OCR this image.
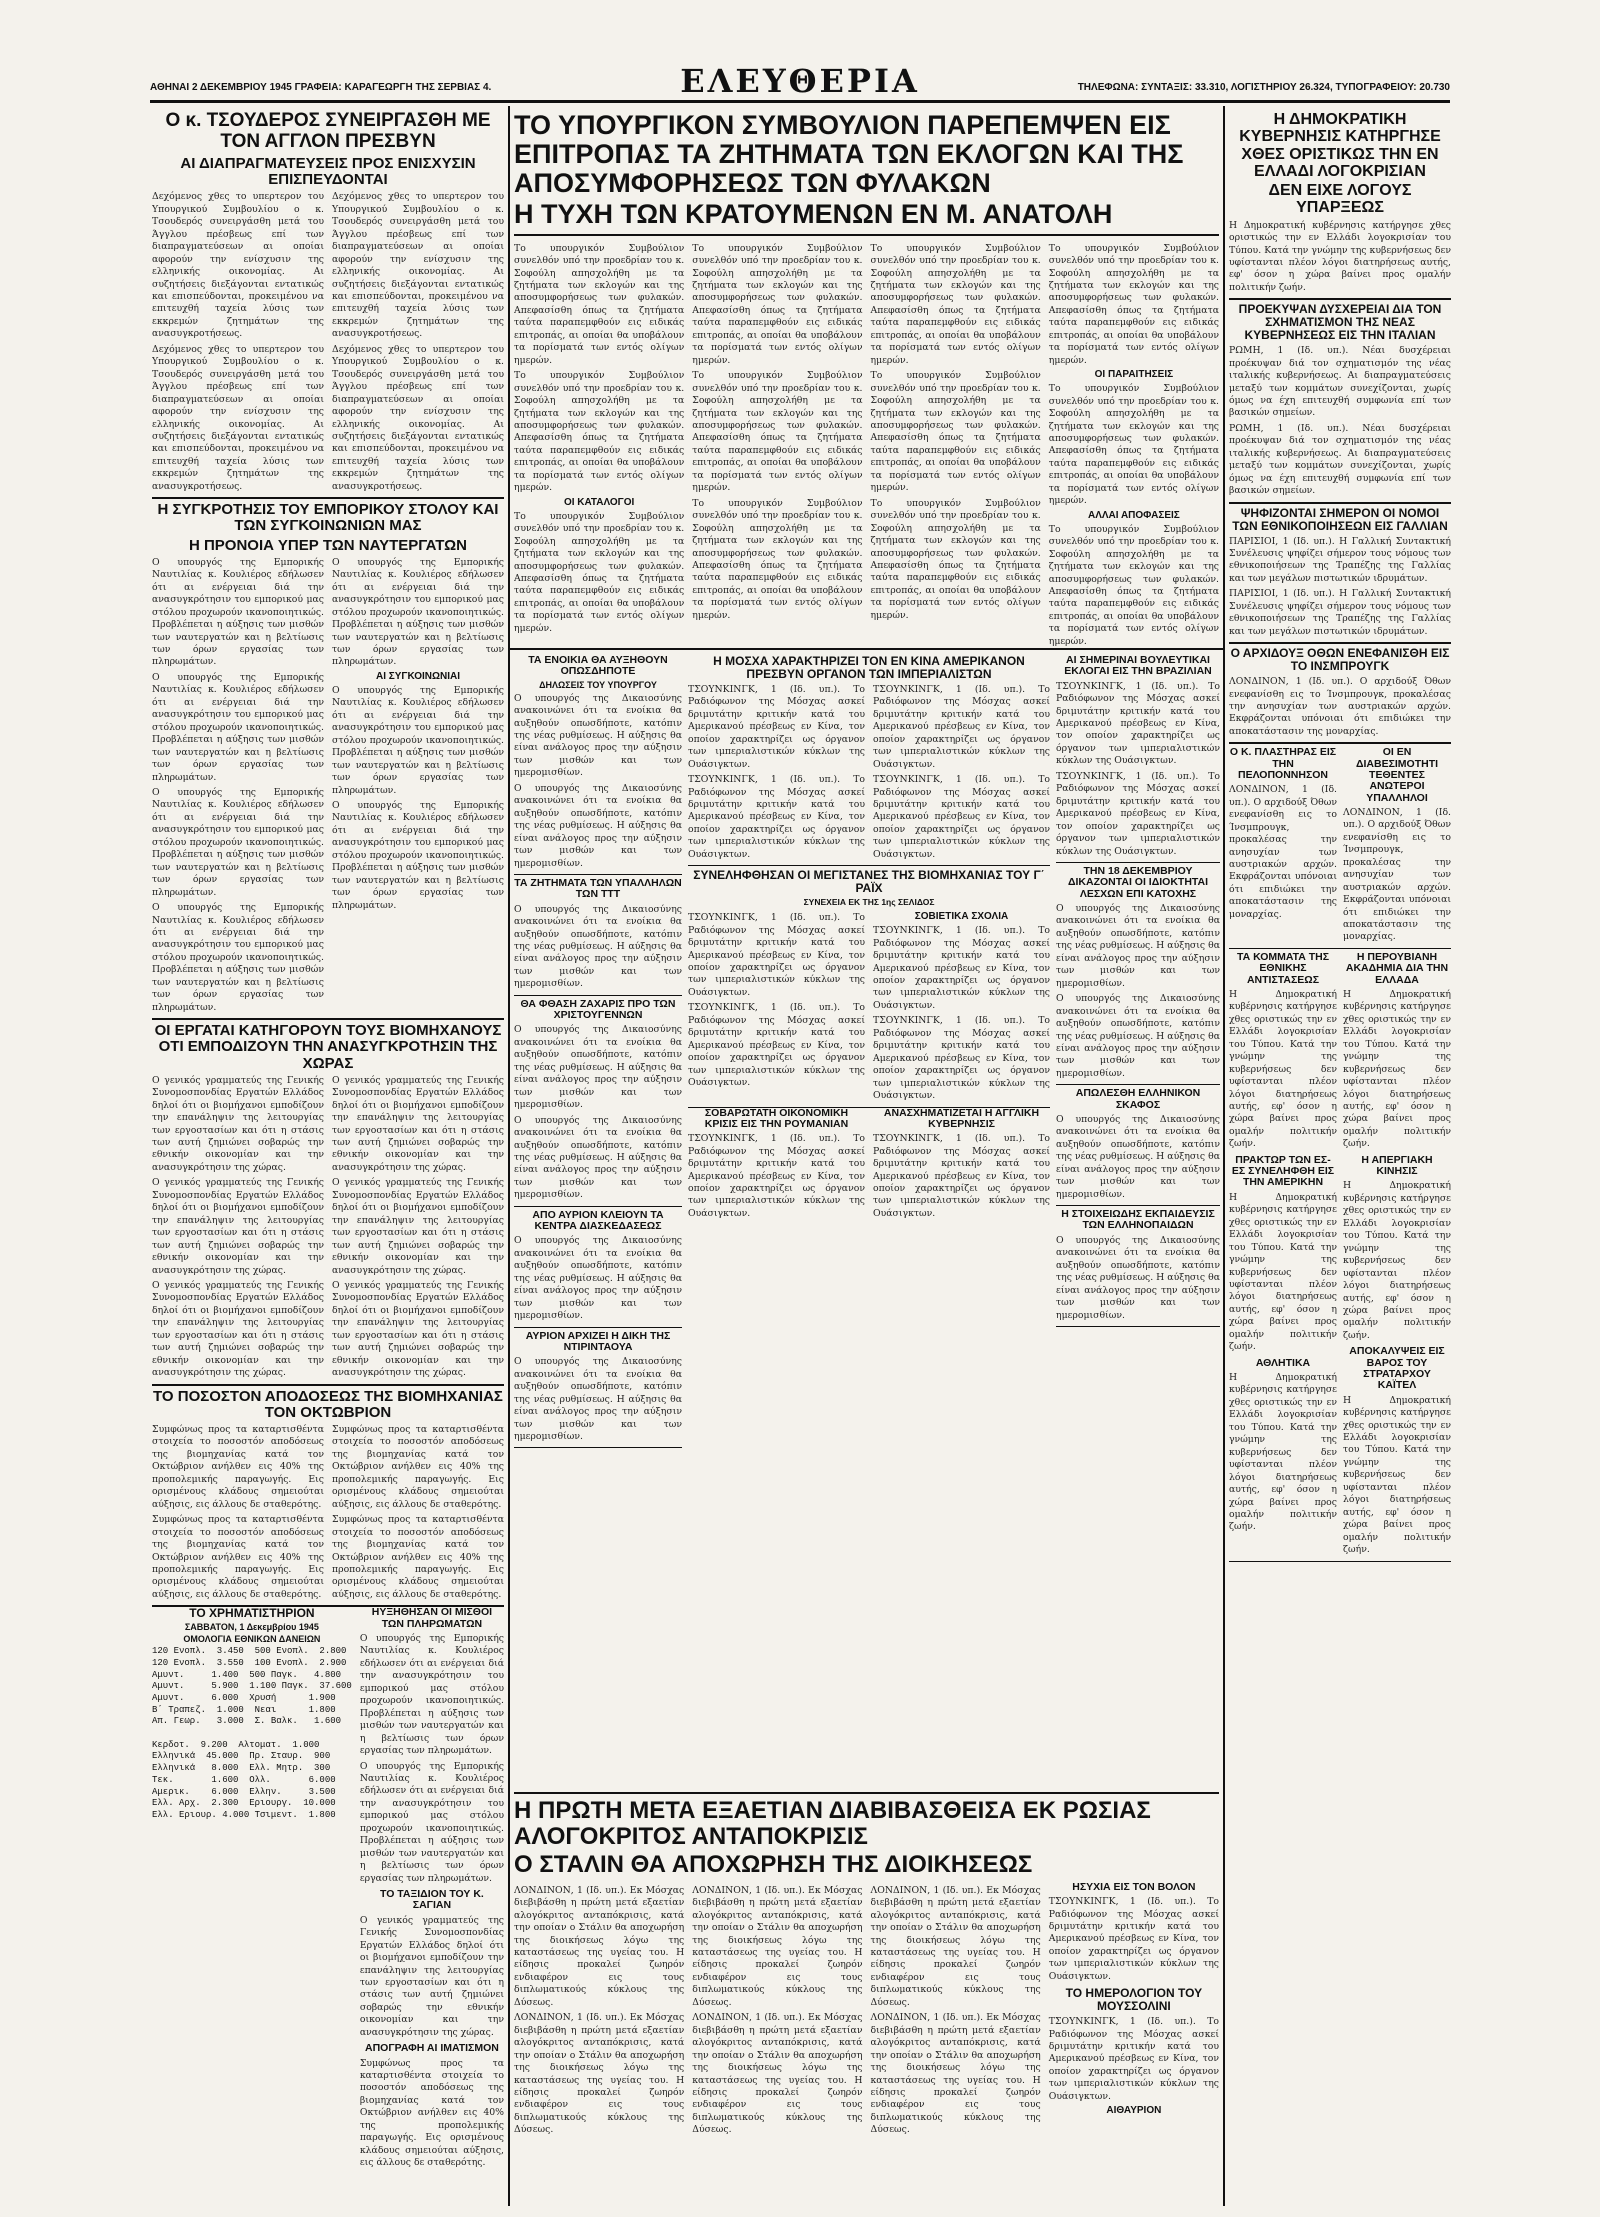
ΑΘΗΝΑΙ 2 ΔΕΚΕΜΒΡΙΟΥ 1945 ΓΡΑΦΕΙΑ: ΚΑΡΑΓΕΩΡΓΗ ΤΗΣ ΣΕΡΒΙΑΣ 4.	ΕΛΕΥΘΕΡΙΑ	ΤΗΛΕΦΩΝΑ: ΣΥΝΤΑΞΙΣ: 33.310, ΛΟΓΙΣΤΗΡΙΟΥ 26.324, ΤΥΠΟΓΡΑΦΕΙΟΥ: 20.730
Ο κ. ΤΣΟΥΔΕΡΟΣ ΣΥΝΕΙΡΓΑΣΘΗ ΜΕ ΤΟΝ ΑΓΓΛΟΝ ΠΡΕΣΒΥΝ
ΑΙ ΔΙΑΠΡΑΓΜΑΤΕΥΣΕΙΣ ΠΡΟΣ ΕΝΙΣΧΥΣΙΝ ΕΠΙΣΠΕΥΔΟΝΤΑΙ
Δεχόμενος χθες το υπερτερον του Υπουργικού Συμβουλίου ο κ. Τσουδερός συνειργάσθη μετά του Άγγλου πρέσβεως επί των διαπραγματεύσεων αι οποίαι αφορούν την ενίσχυσιν της ελληνικής οικονομίας. Αι συζητήσεις διεξάγονται εντατικώς και επισπεύδονται, προκειμένου να επιτευχθή ταχεία λύσις των εκκρεμών ζητημάτων της ανασυγκροτήσεως.
Δεχόμενος χθες το υπερτερον του Υπουργικού Συμβουλίου ο κ. Τσουδερός συνειργάσθη μετά του Άγγλου πρέσβεως επί των διαπραγματεύσεων αι οποίαι αφορούν την ενίσχυσιν της ελληνικής οικονομίας. Αι συζητήσεις διεξάγονται εντατικώς και επισπεύδονται, προκειμένου να επιτευχθή ταχεία λύσις των εκκρεμών ζητημάτων της ανασυγκροτήσεως.
Δεχόμενος χθες το υπερτερον του Υπουργικού Συμβουλίου ο κ. Τσουδερός συνειργάσθη μετά του Άγγλου πρέσβεως επί των διαπραγματεύσεων αι οποίαι αφορούν την ενίσχυσιν της ελληνικής οικονομίας. Αι συζητήσεις διεξάγονται εντατικώς και επισπεύδονται, προκειμένου να επιτευχθή ταχεία λύσις των εκκρεμών ζητημάτων της ανασυγκροτήσεως.
Δεχόμενος χθες το υπερτερον του Υπουργικού Συμβουλίου ο κ. Τσουδερός συνειργάσθη μετά του Άγγλου πρέσβεως επί των διαπραγματεύσεων αι οποίαι αφορούν την ενίσχυσιν της ελληνικής οικονομίας. Αι συζητήσεις διεξάγονται εντατικώς και επισπεύδονται, προκειμένου να επιτευχθή ταχεία λύσις των εκκρεμών ζητημάτων της ανασυγκροτήσεως.
Η ΣΥΓΚΡΟΤΗΣΙΣ ΤΟΥ ΕΜΠΟΡΙΚΟΥ ΣΤΟΛΟΥ ΚΑΙ ΤΩΝ ΣΥΓΚΟΙΝΩΝΙΩΝ ΜΑΣ
Η ΠΡΟΝΟΙΑ ΥΠΕΡ ΤΩΝ ΝΑΥΤΕΡΓΑΤΩΝ
Ο υπουργός της Εμπορικής Ναυτιλίας κ. Κουλιέρος εδήλωσεν ότι αι ενέργειαι διά την ανασυγκρότησιν του εμπορικού μας στόλου προχωρούν ικανοποιητικώς. Προβλέπεται η αύξησις των μισθών των ναυτεργατών και η βελτίωσις των όρων εργασίας των πληρωμάτων.
Ο υπουργός της Εμπορικής Ναυτιλίας κ. Κουλιέρος εδήλωσεν ότι αι ενέργειαι διά την ανασυγκρότησιν του εμπορικού μας στόλου προχωρούν ικανοποιητικώς. Προβλέπεται η αύξησις των μισθών των ναυτεργατών και η βελτίωσις των όρων εργασίας των πληρωμάτων.
Ο υπουργός της Εμπορικής Ναυτιλίας κ. Κουλιέρος εδήλωσεν ότι αι ενέργειαι διά την ανασυγκρότησιν του εμπορικού μας στόλου προχωρούν ικανοποιητικώς. Προβλέπεται η αύξησις των μισθών των ναυτεργατών και η βελτίωσις των όρων εργασίας των πληρωμάτων.
Ο υπουργός της Εμπορικής Ναυτιλίας κ. Κουλιέρος εδήλωσεν ότι αι ενέργειαι διά την ανασυγκρότησιν του εμπορικού μας στόλου προχωρούν ικανοποιητικώς. Προβλέπεται η αύξησις των μισθών των ναυτεργατών και η βελτίωσις των όρων εργασίας των πληρωμάτων.
Ο υπουργός της Εμπορικής Ναυτιλίας κ. Κουλιέρος εδήλωσεν ότι αι ενέργειαι διά την ανασυγκρότησιν του εμπορικού μας στόλου προχωρούν ικανοποιητικώς. Προβλέπεται η αύξησις των μισθών των ναυτεργατών και η βελτίωσις των όρων εργασίας των πληρωμάτων.
ΑΙ ΣΥΓΚΟΙΝΩΝΙΑΙ
Ο υπουργός της Εμπορικής Ναυτιλίας κ. Κουλιέρος εδήλωσεν ότι αι ενέργειαι διά την ανασυγκρότησιν του εμπορικού μας στόλου προχωρούν ικανοποιητικώς. Προβλέπεται η αύξησις των μισθών των ναυτεργατών και η βελτίωσις των όρων εργασίας των πληρωμάτων.
Ο υπουργός της Εμπορικής Ναυτιλίας κ. Κουλιέρος εδήλωσεν ότι αι ενέργειαι διά την ανασυγκρότησιν του εμπορικού μας στόλου προχωρούν ικανοποιητικώς. Προβλέπεται η αύξησις των μισθών των ναυτεργατών και η βελτίωσις των όρων εργασίας των πληρωμάτων.
ΟΙ ΕΡΓΑΤΑΙ ΚΑΤΗΓΟΡΟΥΝ ΤΟΥΣ ΒΙΟΜΗΧΑΝΟΥΣ ΟΤΙ ΕΜΠΟΔΙΖΟΥΝ ΤΗΝ ΑΝΑΣΥΓΚΡΟΤΗΣΙΝ ΤΗΣ ΧΩΡΑΣ
Ο γενικός γραμματεύς της Γενικής Συνομοσπονδίας Εργατών Ελλάδος δηλοί ότι οι βιομήχανοι εμποδίζουν την επανάληψιν της λειτουργίας των εργοστασίων και ότι η στάσις των αυτή ζημιώνει σοβαρώς την εθνικήν οικονομίαν και την ανασυγκρότησιν της χώρας.
Ο γενικός γραμματεύς της Γενικής Συνομοσπονδίας Εργατών Ελλάδος δηλοί ότι οι βιομήχανοι εμποδίζουν την επανάληψιν της λειτουργίας των εργοστασίων και ότι η στάσις των αυτή ζημιώνει σοβαρώς την εθνικήν οικονομίαν και την ανασυγκρότησιν της χώρας.
Ο γενικός γραμματεύς της Γενικής Συνομοσπονδίας Εργατών Ελλάδος δηλοί ότι οι βιομήχανοι εμποδίζουν την επανάληψιν της λειτουργίας των εργοστασίων και ότι η στάσις των αυτή ζημιώνει σοβαρώς την εθνικήν οικονομίαν και την ανασυγκρότησιν της χώρας.
Ο γενικός γραμματεύς της Γενικής Συνομοσπονδίας Εργατών Ελλάδος δηλοί ότι οι βιομήχανοι εμποδίζουν την επανάληψιν της λειτουργίας των εργοστασίων και ότι η στάσις των αυτή ζημιώνει σοβαρώς την εθνικήν οικονομίαν και την ανασυγκρότησιν της χώρας.
Ο γενικός γραμματεύς της Γενικής Συνομοσπονδίας Εργατών Ελλάδος δηλοί ότι οι βιομήχανοι εμποδίζουν την επανάληψιν της λειτουργίας των εργοστασίων και ότι η στάσις των αυτή ζημιώνει σοβαρώς την εθνικήν οικονομίαν και την ανασυγκρότησιν της χώρας.
Ο γενικός γραμματεύς της Γενικής Συνομοσπονδίας Εργατών Ελλάδος δηλοί ότι οι βιομήχανοι εμποδίζουν την επανάληψιν της λειτουργίας των εργοστασίων και ότι η στάσις των αυτή ζημιώνει σοβαρώς την εθνικήν οικονομίαν και την ανασυγκρότησιν της χώρας.
ΤΟ ΠΟΣΟΣΤΟΝ ΑΠΟΔΟΣΕΩΣ ΤΗΣ ΒΙΟΜΗΧΑΝΙΑΣ ΤΟΝ ΟΚΤΩΒΡΙΟΝ
Συμφώνως προς τα καταρτισθέντα στοιχεία το ποσοστόν αποδόσεως της βιομηχανίας κατά τον Οκτώβριον ανήλθεν εις 40% της προπολεμικής παραγωγής. Εις ορισμένους κλάδους σημειούται αύξησις, εις άλλους δε σταθερότης.
Συμφώνως προς τα καταρτισθέντα στοιχεία το ποσοστόν αποδόσεως της βιομηχανίας κατά τον Οκτώβριον ανήλθεν εις 40% της προπολεμικής παραγωγής. Εις ορισμένους κλάδους σημειούται αύξησις, εις άλλους δε σταθερότης.
Συμφώνως προς τα καταρτισθέντα στοιχεία το ποσοστόν αποδόσεως της βιομηχανίας κατά τον Οκτώβριον ανήλθεν εις 40% της προπολεμικής παραγωγής. Εις ορισμένους κλάδους σημειούται αύξησις, εις άλλους δε σταθερότης.
Συμφώνως προς τα καταρτισθέντα στοιχεία το ποσοστόν αποδόσεως της βιομηχανίας κατά τον Οκτώβριον ανήλθεν εις 40% της προπολεμικής παραγωγής. Εις ορισμένους κλάδους σημειούται αύξησις, εις άλλους δε σταθερότης.
ΤΟ ΧΡΗΜΑΤΙΣΤΗΡΙΟΝ
ΣΑΒΒΑΤΟΝ, 1 Δεκεμβρίου 1945
ΟΜΟΛΟΓΙΑ ΕΘΝΙΚΩΝ ΔΑΝΕΙΩΝ
120 Ενοπλ.  3.450  500 Ενοπλ.  2.800
120 Ενοπλ.  3.550  100 Ενοπλ.  2.900
Αμυντ.     1.400  500 Παγκ.   4.800
Αμυντ.     5.900  1.100 Παγκ.  37.600
Αμυντ.     6.000  Χρυσή      1.900
Β΄ Τραπεζ.  1.000  Νεαι      1.800
Απ. Γεωρ.   3.000  Σ. Βαλκ.   1.600

Κερδοτ.  9.200  Αλτοματ.  1.000
Ελληνικά  45.000  Πρ. Σταυρ.  900
Ελληνικά   8.000  Ελλ. Μητρ.  300
Τεκ.       1.600  Ολλ.       6.000
Αμερικ.    6.000  Ελλην.     3.500
Ελλ. Αρχ.  2.300  Εριουργ.  10.000
Ελλ. Εριουρ. 4.000 Τσιμεντ.  1.800
ΗΥΞΗΘΗΣΑΝ ΟΙ ΜΙΣΘΟΙ ΤΩΝ ΠΛΗΡΩΜΑΤΩΝ
Ο υπουργός της Εμπορικής Ναυτιλίας κ. Κουλιέρος εδήλωσεν ότι αι ενέργειαι διά την ανασυγκρότησιν του εμπορικού μας στόλου προχωρούν ικανοποιητικώς. Προβλέπεται η αύξησις των μισθών των ναυτεργατών και η βελτίωσις των όρων εργασίας των πληρωμάτων.
Ο υπουργός της Εμπορικής Ναυτιλίας κ. Κουλιέρος εδήλωσεν ότι αι ενέργειαι διά την ανασυγκρότησιν του εμπορικού μας στόλου προχωρούν ικανοποιητικώς. Προβλέπεται η αύξησις των μισθών των ναυτεργατών και η βελτίωσις των όρων εργασίας των πληρωμάτων.
ΤΟ ΤΑΞΙΔΙΟΝ ΤΟΥ Κ. ΣΑΓΙΑΝ
Ο γενικός γραμματεύς της Γενικής Συνομοσπονδίας Εργατών Ελλάδος δηλοί ότι οι βιομήχανοι εμποδίζουν την επανάληψιν της λειτουργίας των εργοστασίων και ότι η στάσις των αυτή ζημιώνει σοβαρώς την εθνικήν οικονομίαν και την ανασυγκρότησιν της χώρας.
ΑΠΟΓΡΑΦΗ ΑΙ ΙΜΑΤΙΣΜΟΝ
Συμφώνως προς τα καταρτισθέντα στοιχεία το ποσοστόν αποδόσεως της βιομηχανίας κατά τον Οκτώβριον ανήλθεν εις 40% της προπολεμικής παραγωγής. Εις ορισμένους κλάδους σημειούται αύξησις, εις άλλους δε σταθερότης.
ΤΟ ΥΠΟΥΡΓΙΚΟΝ ΣΥΜΒΟΥΛΙΟΝ ΠΑΡΕΠΕΜΨΕΝ ΕΙΣ ΕΠΙΤΡΟΠΑΣ ΤΑ ΖΗΤΗΜΑΤΑ ΤΩΝ ΕΚΛΟΓΩΝ ΚΑΙ ΤΗΣ ΑΠΟΣΥΜΦΟΡΗΣΕΩΣ ΤΩΝ ΦΥΛΑΚΩΝ
Η ΤΥΧΗ ΤΩΝ ΚΡΑΤΟΥΜΕΝΩΝ ΕΝ Μ. ΑΝΑΤΟΛΗ
Το υπουργικόν Συμβούλιον συνελθόν υπό την προεδρίαν του κ. Σοφούλη απησχολήθη με τα ζητήματα των εκλογών και της αποσυμφορήσεως των φυλακών. Απεφασίσθη όπως τα ζητήματα ταύτα παραπεμφθούν εις ειδικάς επιτροπάς, αι οποίαι θα υποβάλουν τα πορίσματά των εντός ολίγων ημερών.
Το υπουργικόν Συμβούλιον συνελθόν υπό την προεδρίαν του κ. Σοφούλη απησχολήθη με τα ζητήματα των εκλογών και της αποσυμφορήσεως των φυλακών. Απεφασίσθη όπως τα ζητήματα ταύτα παραπεμφθούν εις ειδικάς επιτροπάς, αι οποίαι θα υποβάλουν τα πορίσματά των εντός ολίγων ημερών.
ΟΙ ΚΑΤΑΛΟΓΟΙ
Το υπουργικόν Συμβούλιον συνελθόν υπό την προεδρίαν του κ. Σοφούλη απησχολήθη με τα ζητήματα των εκλογών και της αποσυμφορήσεως των φυλακών. Απεφασίσθη όπως τα ζητήματα ταύτα παραπεμφθούν εις ειδικάς επιτροπάς, αι οποίαι θα υποβάλουν τα πορίσματά των εντός ολίγων ημερών.
Το υπουργικόν Συμβούλιον συνελθόν υπό την προεδρίαν του κ. Σοφούλη απησχολήθη με τα ζητήματα των εκλογών και της αποσυμφορήσεως των φυλακών. Απεφασίσθη όπως τα ζητήματα ταύτα παραπεμφθούν εις ειδικάς επιτροπάς, αι οποίαι θα υποβάλουν τα πορίσματά των εντός ολίγων ημερών.
Το υπουργικόν Συμβούλιον συνελθόν υπό την προεδρίαν του κ. Σοφούλη απησχολήθη με τα ζητήματα των εκλογών και της αποσυμφορήσεως των φυλακών. Απεφασίσθη όπως τα ζητήματα ταύτα παραπεμφθούν εις ειδικάς επιτροπάς, αι οποίαι θα υποβάλουν τα πορίσματά των εντός ολίγων ημερών.
Το υπουργικόν Συμβούλιον συνελθόν υπό την προεδρίαν του κ. Σοφούλη απησχολήθη με τα ζητήματα των εκλογών και της αποσυμφορήσεως των φυλακών. Απεφασίσθη όπως τα ζητήματα ταύτα παραπεμφθούν εις ειδικάς επιτροπάς, αι οποίαι θα υποβάλουν τα πορίσματά των εντός ολίγων ημερών.
Το υπουργικόν Συμβούλιον συνελθόν υπό την προεδρίαν του κ. Σοφούλη απησχολήθη με τα ζητήματα των εκλογών και της αποσυμφορήσεως των φυλακών. Απεφασίσθη όπως τα ζητήματα ταύτα παραπεμφθούν εις ειδικάς επιτροπάς, αι οποίαι θα υποβάλουν τα πορίσματά των εντός ολίγων ημερών.
Το υπουργικόν Συμβούλιον συνελθόν υπό την προεδρίαν του κ. Σοφούλη απησχολήθη με τα ζητήματα των εκλογών και της αποσυμφορήσεως των φυλακών. Απεφασίσθη όπως τα ζητήματα ταύτα παραπεμφθούν εις ειδικάς επιτροπάς, αι οποίαι θα υποβάλουν τα πορίσματά των εντός ολίγων ημερών.
Το υπουργικόν Συμβούλιον συνελθόν υπό την προεδρίαν του κ. Σοφούλη απησχολήθη με τα ζητήματα των εκλογών και της αποσυμφορήσεως των φυλακών. Απεφασίσθη όπως τα ζητήματα ταύτα παραπεμφθούν εις ειδικάς επιτροπάς, αι οποίαι θα υποβάλουν τα πορίσματά των εντός ολίγων ημερών.
Το υπουργικόν Συμβούλιον συνελθόν υπό την προεδρίαν του κ. Σοφούλη απησχολήθη με τα ζητήματα των εκλογών και της αποσυμφορήσεως των φυλακών. Απεφασίσθη όπως τα ζητήματα ταύτα παραπεμφθούν εις ειδικάς επιτροπάς, αι οποίαι θα υποβάλουν τα πορίσματά των εντός ολίγων ημερών.
ΟΙ ΠΑΡΑΙΤΗΣΕΙΣ
Το υπουργικόν Συμβούλιον συνελθόν υπό την προεδρίαν του κ. Σοφούλη απησχολήθη με τα ζητήματα των εκλογών και της αποσυμφορήσεως των φυλακών. Απεφασίσθη όπως τα ζητήματα ταύτα παραπεμφθούν εις ειδικάς επιτροπάς, αι οποίαι θα υποβάλουν τα πορίσματά των εντός ολίγων ημερών.
ΑΛΛΑΙ ΑΠΟΦΑΣΕΙΣ
Το υπουργικόν Συμβούλιον συνελθόν υπό την προεδρίαν του κ. Σοφούλη απησχολήθη με τα ζητήματα των εκλογών και της αποσυμφορήσεως των φυλακών. Απεφασίσθη όπως τα ζητήματα ταύτα παραπεμφθούν εις ειδικάς επιτροπάς, αι οποίαι θα υποβάλουν τα πορίσματά των εντός ολίγων ημερών.
ΤΑ ΕΝΟΙΚΙΑ ΘΑ ΑΥΞΗΘΟΥΝ ΟΠΩΣΔΗΠΟΤΕ
ΔΗΛΩΣΕΙΣ ΤΟΥ ΥΠΟΥΡΓΟΥ
Ο υπουργός της Δικαιοσύνης ανακοινώνει ότι τα ενοίκια θα αυξηθούν οπωσδήποτε, κατόπιν της νέας ρυθμίσεως. Η αύξησις θα είναι ανάλογος προς την αύξησιν των μισθών και των ημερομισθίων.
Ο υπουργός της Δικαιοσύνης ανακοινώνει ότι τα ενοίκια θα αυξηθούν οπωσδήποτε, κατόπιν της νέας ρυθμίσεως. Η αύξησις θα είναι ανάλογος προς την αύξησιν των μισθών και των ημερομισθίων.
ΤΑ ΖΗΤΗΜΑΤΑ ΤΩΝ ΥΠΑΛΛΗΛΩΝ ΤΩΝ ΤΤΤ
Ο υπουργός της Δικαιοσύνης ανακοινώνει ότι τα ενοίκια θα αυξηθούν οπωσδήποτε, κατόπιν της νέας ρυθμίσεως. Η αύξησις θα είναι ανάλογος προς την αύξησιν των μισθών και των ημερομισθίων.
ΘΑ ΦΘΑΣΗ ΖΑΧΑΡΙΣ ΠΡΟ ΤΩΝ ΧΡΙΣΤΟΥΓΕΝΝΩΝ
Ο υπουργός της Δικαιοσύνης ανακοινώνει ότι τα ενοίκια θα αυξηθούν οπωσδήποτε, κατόπιν της νέας ρυθμίσεως. Η αύξησις θα είναι ανάλογος προς την αύξησιν των μισθών και των ημερομισθίων.
Ο υπουργός της Δικαιοσύνης ανακοινώνει ότι τα ενοίκια θα αυξηθούν οπωσδήποτε, κατόπιν της νέας ρυθμίσεως. Η αύξησις θα είναι ανάλογος προς την αύξησιν των μισθών και των ημερομισθίων.
ΑΠΟ ΑΥΡΙΟΝ ΚΛΕΙΟΥΝ ΤΑ ΚΕΝΤΡΑ ΔΙΑΣΚΕΔΑΣΕΩΣ
Ο υπουργός της Δικαιοσύνης ανακοινώνει ότι τα ενοίκια θα αυξηθούν οπωσδήποτε, κατόπιν της νέας ρυθμίσεως. Η αύξησις θα είναι ανάλογος προς την αύξησιν των μισθών και των ημερομισθίων.
ΑΥΡΙΟΝ ΑΡΧΙΖΕΙ Η ΔΙΚΗ ΤΗΣ ΝΤΙΡΙΝΤΑΟΥΑ
Ο υπουργός της Δικαιοσύνης ανακοινώνει ότι τα ενοίκια θα αυξηθούν οπωσδήποτε, κατόπιν της νέας ρυθμίσεως. Η αύξησις θα είναι ανάλογος προς την αύξησιν των μισθών και των ημερομισθίων.
Η ΜΟΣΧΑ ΧΑΡΑΚΤΗΡΙΖΕΙ ΤΟΝ ΕΝ ΚΙΝΑ ΑΜΕΡΙΚΑΝΟΝ ΠΡΕΣΒΥΝ ΟΡΓΑΝΟΝ ΤΩΝ ΙΜΠΕΡΙΑΛΙΣΤΩΝ
ΤΣΟΥΝΚΙΝΓΚ, 1 (Ιδ. υπ.). Το Ραδιόφωνον της Μόσχας ασκεί δριμυτάτην κριτικήν κατά του Αμερικανού πρέσβεως εν Κίνα, τον οποίον χαρακτηρίζει ως όργανον των ιμπεριαλιστικών κύκλων της Ουάσιγκτων.
ΤΣΟΥΝΚΙΝΓΚ, 1 (Ιδ. υπ.). Το Ραδιόφωνον της Μόσχας ασκεί δριμυτάτην κριτικήν κατά του Αμερικανού πρέσβεως εν Κίνα, τον οποίον χαρακτηρίζει ως όργανον των ιμπεριαλιστικών κύκλων της Ουάσιγκτων.
ΤΣΟΥΝΚΙΝΓΚ, 1 (Ιδ. υπ.). Το Ραδιόφωνον της Μόσχας ασκεί δριμυτάτην κριτικήν κατά του Αμερικανού πρέσβεως εν Κίνα, τον οποίον χαρακτηρίζει ως όργανον των ιμπεριαλιστικών κύκλων της Ουάσιγκτων.
ΤΣΟΥΝΚΙΝΓΚ, 1 (Ιδ. υπ.). Το Ραδιόφωνον της Μόσχας ασκεί δριμυτάτην κριτικήν κατά του Αμερικανού πρέσβεως εν Κίνα, τον οποίον χαρακτηρίζει ως όργανον των ιμπεριαλιστικών κύκλων της Ουάσιγκτων.
ΣΥΝΕΛΗΦΘΗΣΑΝ ΟΙ ΜΕΓΙΣΤΑΝΕΣ ΤΗΣ ΒΙΟΜΗΧΑΝΙΑΣ ΤΟΥ Γ΄ ΡΑΪΧ
ΣΥΝΕΧΕΙΑ ΕΚ ΤΗΣ 1ης ΣΕΛΙΔΟΣ
ΤΣΟΥΝΚΙΝΓΚ, 1 (Ιδ. υπ.). Το Ραδιόφωνον της Μόσχας ασκεί δριμυτάτην κριτικήν κατά του Αμερικανού πρέσβεως εν Κίνα, τον οποίον χαρακτηρίζει ως όργανον των ιμπεριαλιστικών κύκλων της Ουάσιγκτων.
ΤΣΟΥΝΚΙΝΓΚ, 1 (Ιδ. υπ.). Το Ραδιόφωνον της Μόσχας ασκεί δριμυτάτην κριτικήν κατά του Αμερικανού πρέσβεως εν Κίνα, τον οποίον χαρακτηρίζει ως όργανον των ιμπεριαλιστικών κύκλων της Ουάσιγκτων.
ΣΟΒΙΕΤΙΚΑ ΣΧΟΛΙΑ
ΤΣΟΥΝΚΙΝΓΚ, 1 (Ιδ. υπ.). Το Ραδιόφωνον της Μόσχας ασκεί δριμυτάτην κριτικήν κατά του Αμερικανού πρέσβεως εν Κίνα, τον οποίον χαρακτηρίζει ως όργανον των ιμπεριαλιστικών κύκλων της Ουάσιγκτων.
ΤΣΟΥΝΚΙΝΓΚ, 1 (Ιδ. υπ.). Το Ραδιόφωνον της Μόσχας ασκεί δριμυτάτην κριτικήν κατά του Αμερικανού πρέσβεως εν Κίνα, τον οποίον χαρακτηρίζει ως όργανον των ιμπεριαλιστικών κύκλων της Ουάσιγκτων.
ΣΟΒΑΡΩΤΑΤΗ ΟΙΚΟΝΟΜΙΚΗ ΚΡΙΣΙΣ ΕΙΣ ΤΗΝ ΡΟΥΜΑΝΙΑΝ
ΤΣΟΥΝΚΙΝΓΚ, 1 (Ιδ. υπ.). Το Ραδιόφωνον της Μόσχας ασκεί δριμυτάτην κριτικήν κατά του Αμερικανού πρέσβεως εν Κίνα, τον οποίον χαρακτηρίζει ως όργανον των ιμπεριαλιστικών κύκλων της Ουάσιγκτων.
ΑΝΑΣΧΗΜΑΤΙΖΕΤΑΙ Η ΑΓΓΛΙΚΗ ΚΥΒΕΡΝΗΣΙΣ
ΤΣΟΥΝΚΙΝΓΚ, 1 (Ιδ. υπ.). Το Ραδιόφωνον της Μόσχας ασκεί δριμυτάτην κριτικήν κατά του Αμερικανού πρέσβεως εν Κίνα, τον οποίον χαρακτηρίζει ως όργανον των ιμπεριαλιστικών κύκλων της Ουάσιγκτων.
ΑΙ ΣΗΜΕΡΙΝΑΙ ΒΟΥΛΕΥΤΙΚΑΙ ΕΚΛΟΓΑΙ ΕΙΣ ΤΗΝ ΒΡΑΖΙΛΙΑΝ
ΤΣΟΥΝΚΙΝΓΚ, 1 (Ιδ. υπ.). Το Ραδιόφωνον της Μόσχας ασκεί δριμυτάτην κριτικήν κατά του Αμερικανού πρέσβεως εν Κίνα, τον οποίον χαρακτηρίζει ως όργανον των ιμπεριαλιστικών κύκλων της Ουάσιγκτων.
ΤΣΟΥΝΚΙΝΓΚ, 1 (Ιδ. υπ.). Το Ραδιόφωνον της Μόσχας ασκεί δριμυτάτην κριτικήν κατά του Αμερικανού πρέσβεως εν Κίνα, τον οποίον χαρακτηρίζει ως όργανον των ιμπεριαλιστικών κύκλων της Ουάσιγκτων.
ΤΗΝ 18 ΔΕΚΕΜΒΡΙΟΥ ΔΙΚΑΖΟΝΤΑΙ ΟΙ ΙΔΙΟΚΤΗΤΑΙ ΛΕΣΧΩΝ ΕΠΙ ΚΑΤΟΧΗΣ
Ο υπουργός της Δικαιοσύνης ανακοινώνει ότι τα ενοίκια θα αυξηθούν οπωσδήποτε, κατόπιν της νέας ρυθμίσεως. Η αύξησις θα είναι ανάλογος προς την αύξησιν των μισθών και των ημερομισθίων.
Ο υπουργός της Δικαιοσύνης ανακοινώνει ότι τα ενοίκια θα αυξηθούν οπωσδήποτε, κατόπιν της νέας ρυθμίσεως. Η αύξησις θα είναι ανάλογος προς την αύξησιν των μισθών και των ημερομισθίων.
ΑΠΩΛΕΣΘΗ ΕΛΛΗΝΙΚΟΝ ΣΚΑΦΟΣ
Ο υπουργός της Δικαιοσύνης ανακοινώνει ότι τα ενοίκια θα αυξηθούν οπωσδήποτε, κατόπιν της νέας ρυθμίσεως. Η αύξησις θα είναι ανάλογος προς την αύξησιν των μισθών και των ημερομισθίων.
Η ΣΤΟΙΧΕΙΩΔΗΣ ΕΚΠΑΙΔΕΥΣΙΣ ΤΩΝ ΕΛΛΗΝΟΠΑΙΔΩΝ
Ο υπουργός της Δικαιοσύνης ανακοινώνει ότι τα ενοίκια θα αυξηθούν οπωσδήποτε, κατόπιν της νέας ρυθμίσεως. Η αύξησις θα είναι ανάλογος προς την αύξησιν των μισθών και των ημερομισθίων.
Η ΠΡΩΤΗ ΜΕΤΑ ΕΞΑΕΤΙΑΝ ΔΙΑΒΙΒΑΣΘΕΙΣΑ ΕΚ ΡΩΣΙΑΣ ΑΛΟΓΟΚΡΙΤΟΣ ΑΝΤΑΠΟΚΡΙΣΙΣ
Ο ΣΤΑΛΙΝ ΘΑ ΑΠΟΧΩΡΗΣΗ ΤΗΣ ΔΙΟΙΚΗΣΕΩΣ
ΛΟΝΔΙΝΟΝ, 1 (Ιδ. υπ.). Εκ Μόσχας διεβιβάσθη η πρώτη μετά εξαετίαν αλογόκριτος ανταπόκρισις, κατά την οποίαν ο Στάλιν θα αποχωρήση της διοικήσεως λόγω της καταστάσεως της υγείας του. Η είδησις προκαλεί ζωηρόν ενδιαφέρον εις τους διπλωματικούς κύκλους της Δύσεως.
ΛΟΝΔΙΝΟΝ, 1 (Ιδ. υπ.). Εκ Μόσχας διεβιβάσθη η πρώτη μετά εξαετίαν αλογόκριτος ανταπόκρισις, κατά την οποίαν ο Στάλιν θα αποχωρήση της διοικήσεως λόγω της καταστάσεως της υγείας του. Η είδησις προκαλεί ζωηρόν ενδιαφέρον εις τους διπλωματικούς κύκλους της Δύσεως.
ΛΟΝΔΙΝΟΝ, 1 (Ιδ. υπ.). Εκ Μόσχας διεβιβάσθη η πρώτη μετά εξαετίαν αλογόκριτος ανταπόκρισις, κατά την οποίαν ο Στάλιν θα αποχωρήση της διοικήσεως λόγω της καταστάσεως της υγείας του. Η είδησις προκαλεί ζωηρόν ενδιαφέρον εις τους διπλωματικούς κύκλους της Δύσεως.
ΛΟΝΔΙΝΟΝ, 1 (Ιδ. υπ.). Εκ Μόσχας διεβιβάσθη η πρώτη μετά εξαετίαν αλογόκριτος ανταπόκρισις, κατά την οποίαν ο Στάλιν θα αποχωρήση της διοικήσεως λόγω της καταστάσεως της υγείας του. Η είδησις προκαλεί ζωηρόν ενδιαφέρον εις τους διπλωματικούς κύκλους της Δύσεως.
ΛΟΝΔΙΝΟΝ, 1 (Ιδ. υπ.). Εκ Μόσχας διεβιβάσθη η πρώτη μετά εξαετίαν αλογόκριτος ανταπόκρισις, κατά την οποίαν ο Στάλιν θα αποχωρήση της διοικήσεως λόγω της καταστάσεως της υγείας του. Η είδησις προκαλεί ζωηρόν ενδιαφέρον εις τους διπλωματικούς κύκλους της Δύσεως.
ΛΟΝΔΙΝΟΝ, 1 (Ιδ. υπ.). Εκ Μόσχας διεβιβάσθη η πρώτη μετά εξαετίαν αλογόκριτος ανταπόκρισις, κατά την οποίαν ο Στάλιν θα αποχωρήση της διοικήσεως λόγω της καταστάσεως της υγείας του. Η είδησις προκαλεί ζωηρόν ενδιαφέρον εις τους διπλωματικούς κύκλους της Δύσεως.
ΗΣΥΧΙΑ ΕΙΣ ΤΟΝ ΒΟΛΟΝ
ΤΣΟΥΝΚΙΝΓΚ, 1 (Ιδ. υπ.). Το Ραδιόφωνον της Μόσχας ασκεί δριμυτάτην κριτικήν κατά του Αμερικανού πρέσβεως εν Κίνα, τον οποίον χαρακτηρίζει ως όργανον των ιμπεριαλιστικών κύκλων της Ουάσιγκτων.
ΤΟ ΗΜΕΡΟΛΟΓΙΟΝ ΤΟΥ ΜΟΥΣΣΟΛΙΝΙ
ΤΣΟΥΝΚΙΝΓΚ, 1 (Ιδ. υπ.). Το Ραδιόφωνον της Μόσχας ασκεί δριμυτάτην κριτικήν κατά του Αμερικανού πρέσβεως εν Κίνα, τον οποίον χαρακτηρίζει ως όργανον των ιμπεριαλιστικών κύκλων της Ουάσιγκτων.
ΑΙΘΑΥΡΙΟΝ
Η ΔΗΜΟΚΡΑΤΙΚΗ ΚΥΒΕΡΝΗΣΙΣ ΚΑΤΗΡΓΗΣΕ ΧΘΕΣ ΟΡΙΣΤΙΚΩΣ ΤΗΝ ΕΝ ΕΛΛΑΔΙ ΛΟΓΟΚΡΙΣΙΑΝ
ΔΕΝ ΕΙΧΕ ΛΟΓΟΥΣ ΥΠΑΡΞΕΩΣ
Η Δημοκρατική κυβέρνησις κατήργησε χθες οριστικώς την εν Ελλάδι λογοκρισίαν του Τύπου. Κατά την γνώμην της κυβερνήσεως δεν υφίστανται πλέον λόγοι διατηρήσεως αυτής, εφ' όσον η χώρα βαίνει προς ομαλήν πολιτικήν ζωήν.
ΠΡΟΕΚΥΨΑΝ ΔΥΣΧΕΡΕΙΑΙ ΔΙΑ ΤΟΝ ΣΧΗΜΑΤΙΣΜΟΝ ΤΗΣ ΝΕΑΣ ΚΥΒΕΡΝΗΣΕΩΣ ΕΙΣ ΤΗΝ ΙΤΑΛΙΑΝ
ΡΩΜΗ, 1 (Ιδ. υπ.). Νέαι δυσχέρειαι προέκυψαν διά τον σχηματισμόν της νέας ιταλικής κυβερνήσεως. Αι διαπραγματεύσεις μεταξύ των κομμάτων συνεχίζονται, χωρίς όμως να έχη επιτευχθή συμφωνία επί των βασικών σημείων.
ΡΩΜΗ, 1 (Ιδ. υπ.). Νέαι δυσχέρειαι προέκυψαν διά τον σχηματισμόν της νέας ιταλικής κυβερνήσεως. Αι διαπραγματεύσεις μεταξύ των κομμάτων συνεχίζονται, χωρίς όμως να έχη επιτευχθή συμφωνία επί των βασικών σημείων.
ΨΗΦΙΖΟΝΤΑΙ ΣΗΜΕΡΟΝ ΟΙ ΝΟΜΟΙ ΤΩΝ ΕΘΝΙΚΟΠΟΙΗΣΕΩΝ ΕΙΣ ΓΑΛΛΙΑΝ
ΠΑΡΙΣΙΟΙ, 1 (Ιδ. υπ.). Η Γαλλική Συντακτική Συνέλευσις ψηφίζει σήμερον τους νόμους των εθνικοποιήσεων της Τραπέζης της Γαλλίας και των μεγάλων πιστωτικών ιδρυμάτων.
ΠΑΡΙΣΙΟΙ, 1 (Ιδ. υπ.). Η Γαλλική Συντακτική Συνέλευσις ψηφίζει σήμερον τους νόμους των εθνικοποιήσεων της Τραπέζης της Γαλλίας και των μεγάλων πιστωτικών ιδρυμάτων.
Ο ΑΡΧΙΔΟΥΞ ΟΘΩΝ ΕΝΕΦΑΝΙΣΘΗ ΕΙΣ ΤΟ ΙΝΣΜΠΡΟΥΓΚ
ΛΟΝΔΙΝΟΝ, 1 (Ιδ. υπ.). Ο αρχιδούξ Όθων ενεφανίσθη εις το Ίνσμπρουγκ, προκαλέσας την ανησυχίαν των αυστριακών αρχών. Εκφράζονται υπόνοιαι ότι επιδιώκει την αποκατάστασιν της μοναρχίας.
Ο Κ. ΠΛΑΣΤΗΡΑΣ ΕΙΣ ΤΗΝ ΠΕΛΟΠΟΝΝΗΣΟΝ
ΛΟΝΔΙΝΟΝ, 1 (Ιδ. υπ.). Ο αρχιδούξ Όθων ενεφανίσθη εις το Ίνσμπρουγκ, προκαλέσας την ανησυχίαν των αυστριακών αρχών. Εκφράζονται υπόνοιαι ότι επιδιώκει την αποκατάστασιν της μοναρχίας.
ΟΙ ΕΝ ΔΙΑΒΕΣΙΜΟΤΗΤΙ ΤΕΘΕΝΤΕΣ ΑΝΩΤΕΡΟΙ ΥΠΑΛΛΗΛΟΙ
ΛΟΝΔΙΝΟΝ, 1 (Ιδ. υπ.). Ο αρχιδούξ Όθων ενεφανίσθη εις το Ίνσμπρουγκ, προκαλέσας την ανησυχίαν των αυστριακών αρχών. Εκφράζονται υπόνοιαι ότι επιδιώκει την αποκατάστασιν της μοναρχίας.
ΤΑ ΚΟΜΜΑΤΑ ΤΗΣ ΕΘΝΙΚΗΣ ΑΝΤΙΣΤΑΣΕΩΣ
Η Δημοκρατική κυβέρνησις κατήργησε χθες οριστικώς την εν Ελλάδι λογοκρισίαν του Τύπου. Κατά την γνώμην της κυβερνήσεως δεν υφίστανται πλέον λόγοι διατηρήσεως αυτής, εφ' όσον η χώρα βαίνει προς ομαλήν πολιτικήν ζωήν.
ΠΡΑΚΤΩΡ ΤΩΝ ΕΣ-ΕΣ ΣΥΝΕΛΗΦΘΗ ΕΙΣ ΤΗΝ ΑΜΕΡΙΚΗΝ
Η Δημοκρατική κυβέρνησις κατήργησε χθες οριστικώς την εν Ελλάδι λογοκρισίαν του Τύπου. Κατά την γνώμην της κυβερνήσεως δεν υφίστανται πλέον λόγοι διατηρήσεως αυτής, εφ' όσον η χώρα βαίνει προς ομαλήν πολιτικήν ζωήν.
ΑΘΛΗΤΙΚΑ
Η Δημοκρατική κυβέρνησις κατήργησε χθες οριστικώς την εν Ελλάδι λογοκρισίαν του Τύπου. Κατά την γνώμην της κυβερνήσεως δεν υφίστανται πλέον λόγοι διατηρήσεως αυτής, εφ' όσον η χώρα βαίνει προς ομαλήν πολιτικήν ζωήν.
Η ΠΕΡΟΥΒΙΑΝΗ ΑΚΑΔΗΜΙΑ ΔΙΑ ΤΗΝ ΕΛΛΑΔΑ
Η Δημοκρατική κυβέρνησις κατήργησε χθες οριστικώς την εν Ελλάδι λογοκρισίαν του Τύπου. Κατά την γνώμην της κυβερνήσεως δεν υφίστανται πλέον λόγοι διατηρήσεως αυτής, εφ' όσον η χώρα βαίνει προς ομαλήν πολιτικήν ζωήν.
Η ΑΠΕΡΓΙΑΚΗ ΚΙΝΗΣΙΣ
Η Δημοκρατική κυβέρνησις κατήργησε χθες οριστικώς την εν Ελλάδι λογοκρισίαν του Τύπου. Κατά την γνώμην της κυβερνήσεως δεν υφίστανται πλέον λόγοι διατηρήσεως αυτής, εφ' όσον η χώρα βαίνει προς ομαλήν πολιτικήν ζωήν.
ΑΠΟΚΑΛΥΨΕΙΣ ΕΙΣ ΒΑΡΟΣ ΤΟΥ ΣΤΡΑΤΑΡΧΟΥ ΚΑΪΤΕΛ
Η Δημοκρατική κυβέρνησις κατήργησε χθες οριστικώς την εν Ελλάδι λογοκρισίαν του Τύπου. Κατά την γνώμην της κυβερνήσεως δεν υφίστανται πλέον λόγοι διατηρήσεως αυτής, εφ' όσον η χώρα βαίνει προς ομαλήν πολιτικήν ζωήν.
